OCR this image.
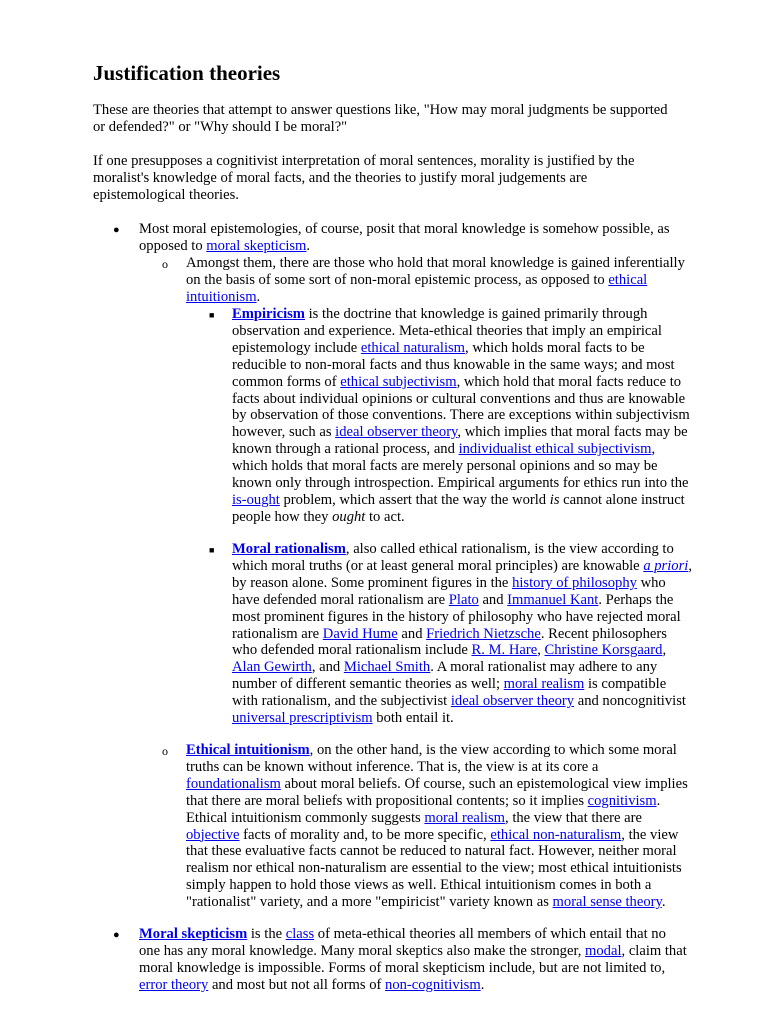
Justification theories

These are theories that attempt to answer questions like, "How may moral judgments be supported or defended?" or "Why should I be moral?"

If one presupposes a cognitivist interpretation of moral sentences, morality is justified by the moralist's knowledge of moral facts, and the theories to justify moral judgements are epistemological theories.

● Most moral epistemologies, of course, posit that moral knowledge is somehow possible, as opposed to moral skepticism.
o Amongst them, there are those who hold that moral knowledge is gained inferentially on the basis of some sort of non-moral epistemic process, as opposed to ethical intuitionism.
■ Empiricism is the doctrine that knowledge is gained primarily through observation and experience. Meta-ethical theories that imply an empirical epistemology include ethical naturalism, which holds moral facts to be reducible to non-moral facts and thus knowable in the same ways; and most common forms of ethical subjectivism, which hold that moral facts reduce to facts about individual opinions or cultural conventions and thus are knowable by observation of those conventions. There are exceptions within subjectivism however, such as ideal observer theory, which implies that moral facts may be known through a rational process, and individualist ethical subjectivism, which holds that moral facts are merely personal opinions and so may be known only through introspection. Empirical arguments for ethics run into the is-ought problem, which assert that the way the world is cannot alone instruct people how they ought to act.
■ Moral rationalism, also called ethical rationalism, is the view according to which moral truths (or at least general moral principles) are knowable a priori, by reason alone. Some prominent figures in the history of philosophy who have defended moral rationalism are Plato and Immanuel Kant. Perhaps the most prominent figures in the history of philosophy who have rejected moral rationalism are David Hume and Friedrich Nietzsche. Recent philosophers who defended moral rationalism include R. M. Hare, Christine Korsgaard, Alan Gewirth, and Michael Smith. A moral rationalist may adhere to any number of different semantic theories as well; moral realism is compatible with rationalism, and the subjectivist ideal observer theory and noncognitivist universal prescriptivism both entail it.
o Ethical intuitionism, on the other hand, is the view according to which some moral truths can be known without inference. That is, the view is at its core a foundationalism about moral beliefs. Of course, such an epistemological view implies that there are moral beliefs with propositional contents; so it implies cognitivism. Ethical intuitionism commonly suggests moral realism, the view that there are objective facts of morality and, to be more specific, ethical non-naturalism, the view that these evaluative facts cannot be reduced to natural fact. However, neither moral realism nor ethical non-naturalism are essential to the view; most ethical intuitionists simply happen to hold those views as well. Ethical intuitionism comes in both a "rationalist" variety, and a more "empiricist" variety known as moral sense theory.
● Moral skepticism is the class of meta-ethical theories all members of which entail that no one has any moral knowledge. Many moral skeptics also make the stronger, modal, claim that moral knowledge is impossible. Forms of moral skepticism include, but are not limited to, error theory and most but not all forms of non-cognitivism.
